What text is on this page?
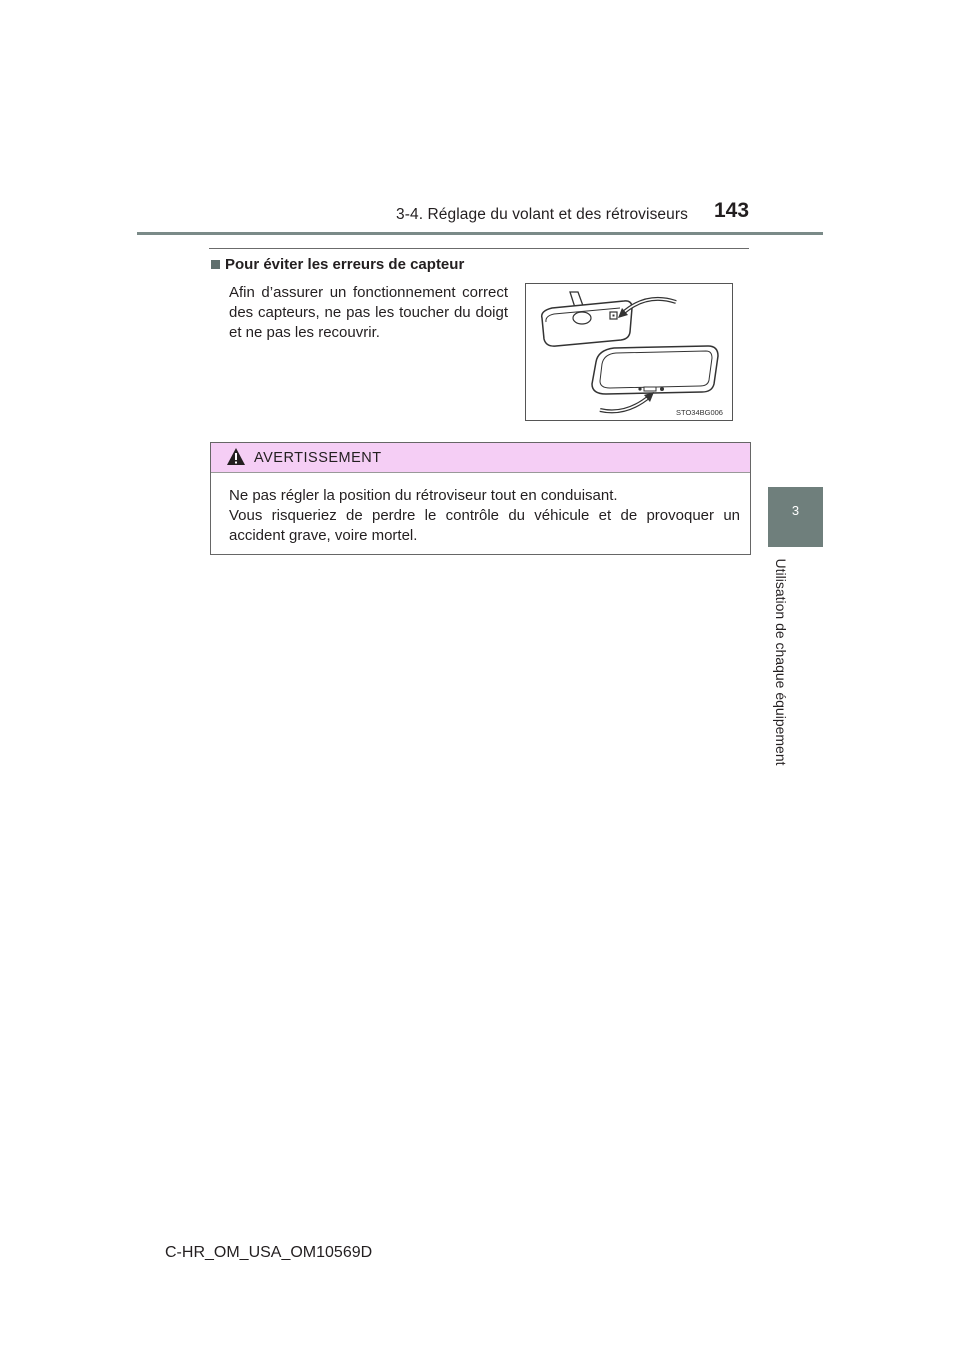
3-4. Réglage du volant et des rétroviseurs 143
3
Utilisation de chaque équipement
Pour éviter les erreurs de capteur
Afin d’assurer un fonctionnement correct des capteurs, ne pas les toucher du doigt et ne pas les recouvrir.
STO34BG006
AVERTISSEMENT

Ne pas régler la position du rétroviseur tout en conduisant.

Vous risqueriez de perdre le contrôle du véhicule et de provoquer un accident grave, voire mortel.

C-HR_OM_USA_OM10569D
